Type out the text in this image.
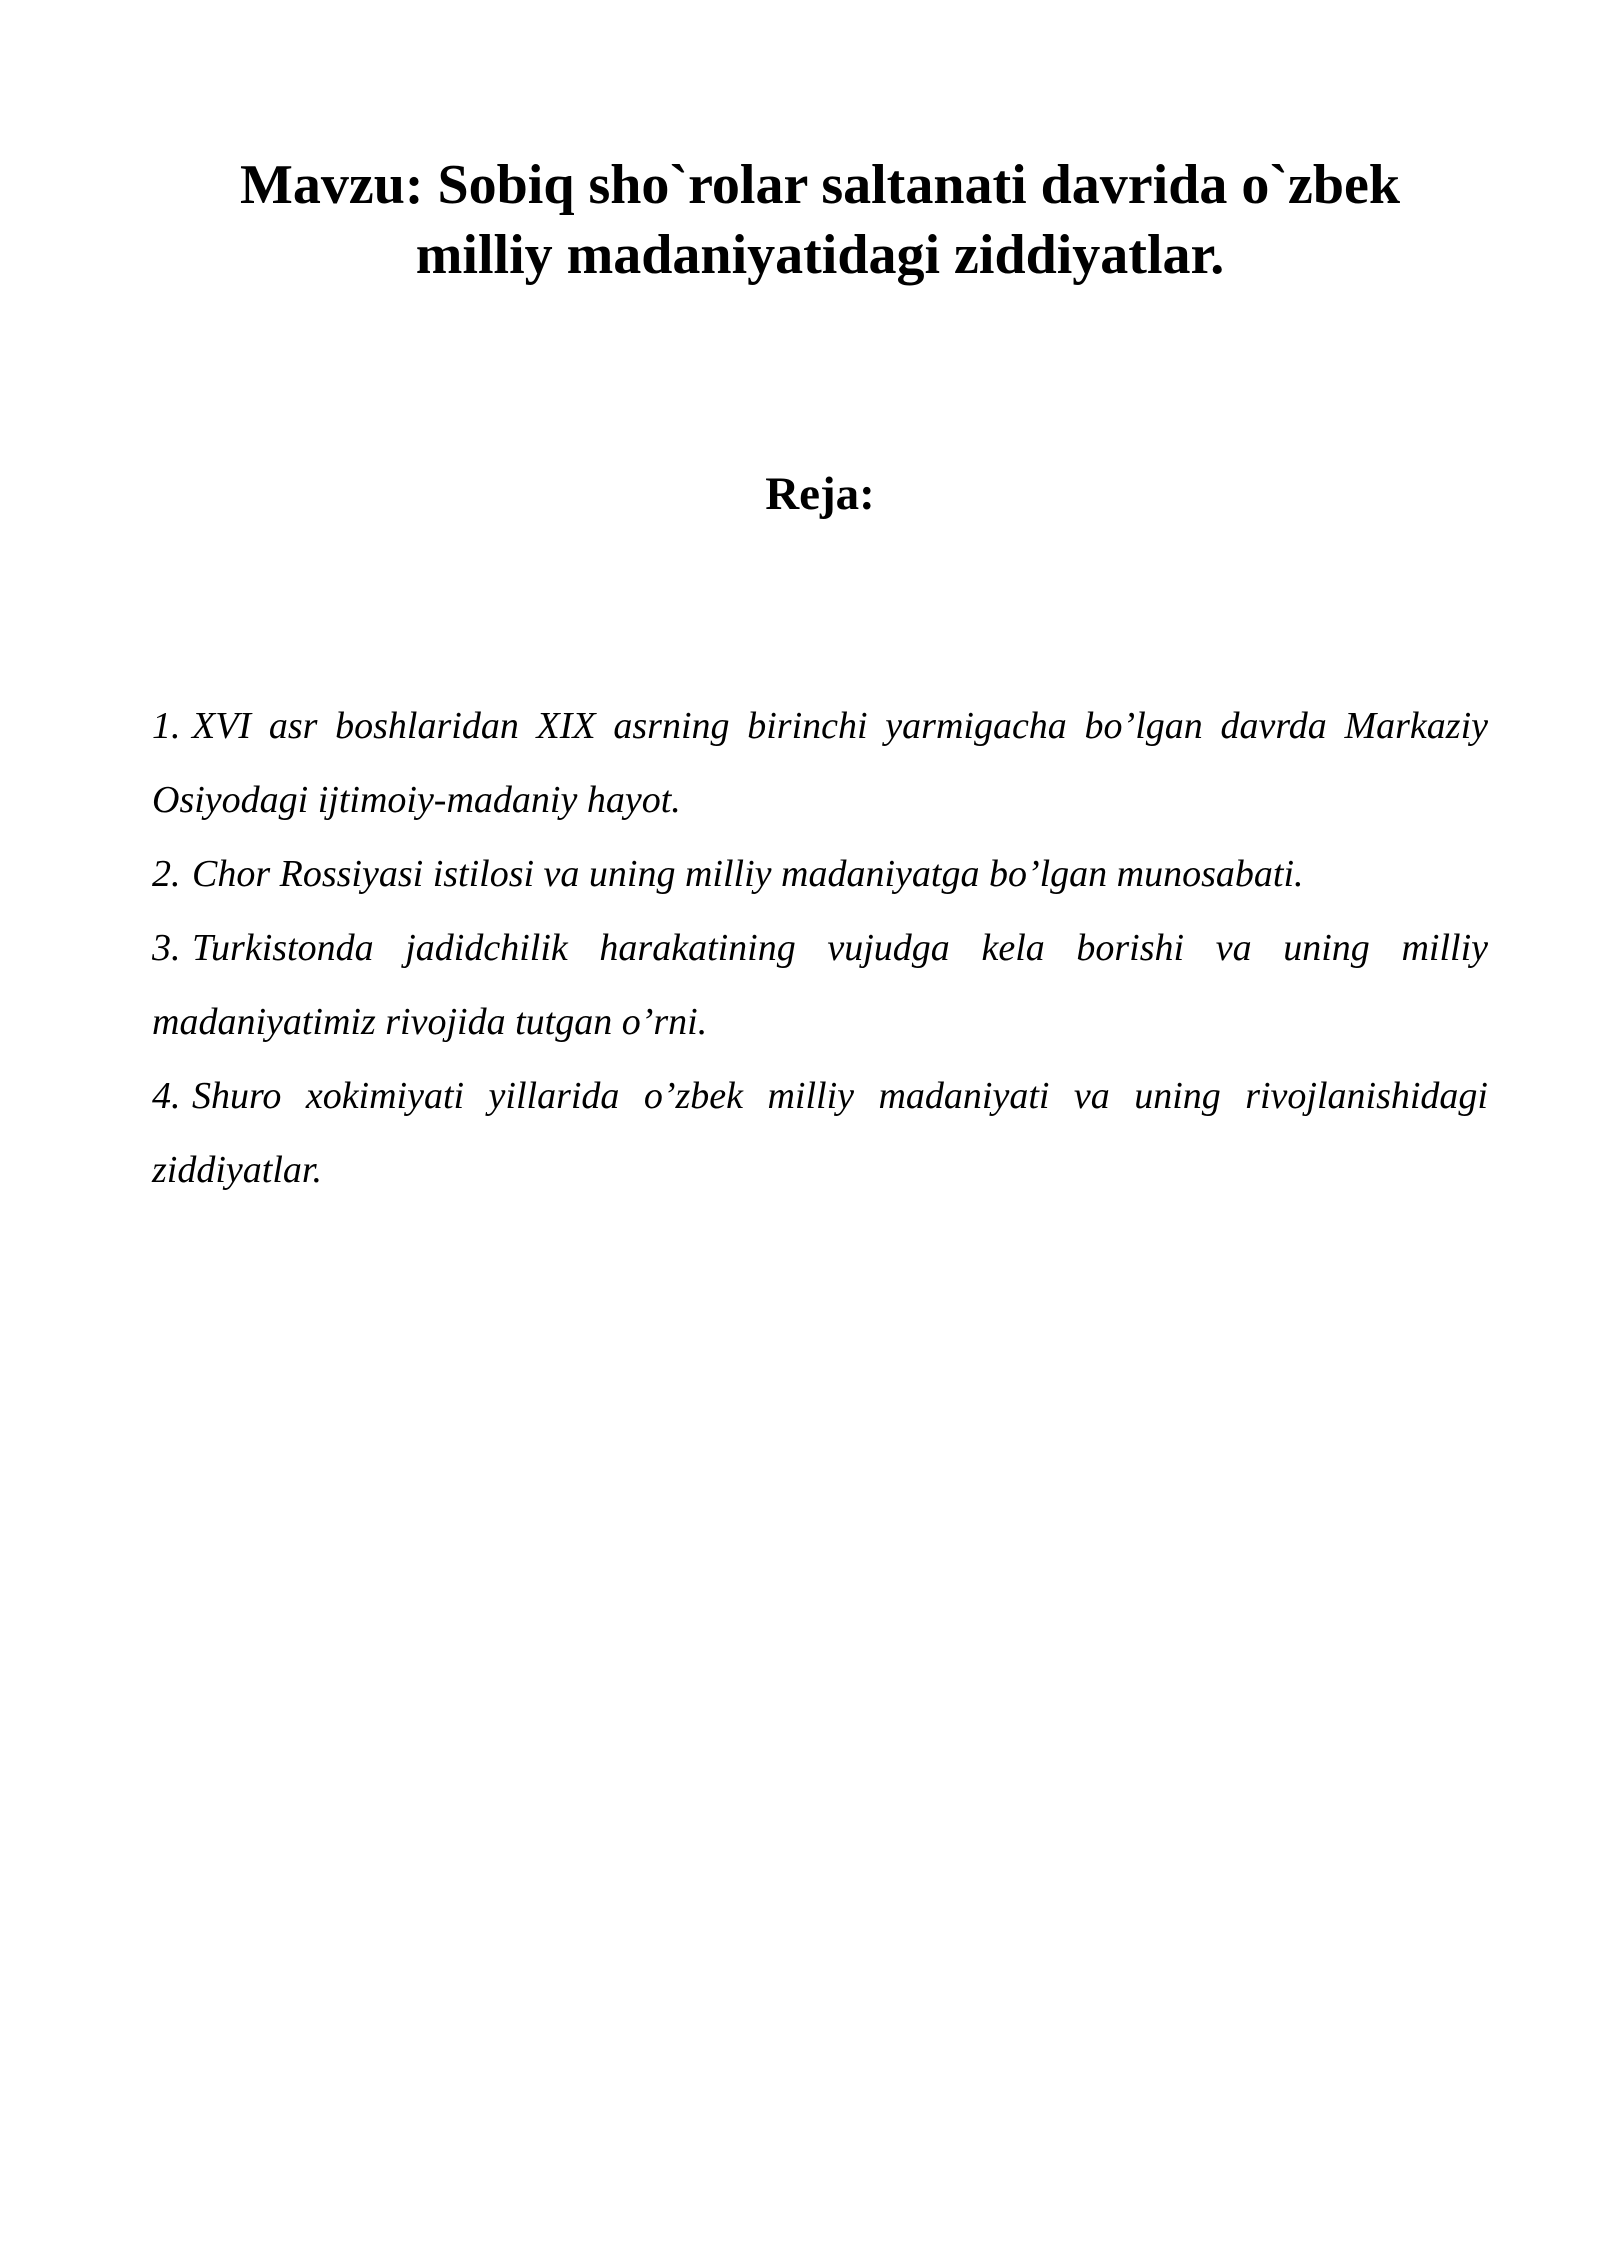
Mavzu: Sobiq sho`rolar saltanati davrida o`zbek
milliy madaniyatidagi ziddiyatlar.
Reja:
1. XVI asr boshlaridan XIX asrning birinchi yarmigacha bo’lgan davrda Markaziy Osiyodagi ijtimoiy-madaniy hayot.
2. Chor Rossiyasi istilosi va uning milliy madaniyatga bo’lgan munosabati.
3. Turkistonda jadidchilik harakatining vujudga kela borishi va uning milliy madaniyatimiz rivojida tutgan o’rni.
4. Shuro xokimiyati yillarida o’zbek milliy madaniyati va uning rivojlanishidagi ziddiyatlar.
